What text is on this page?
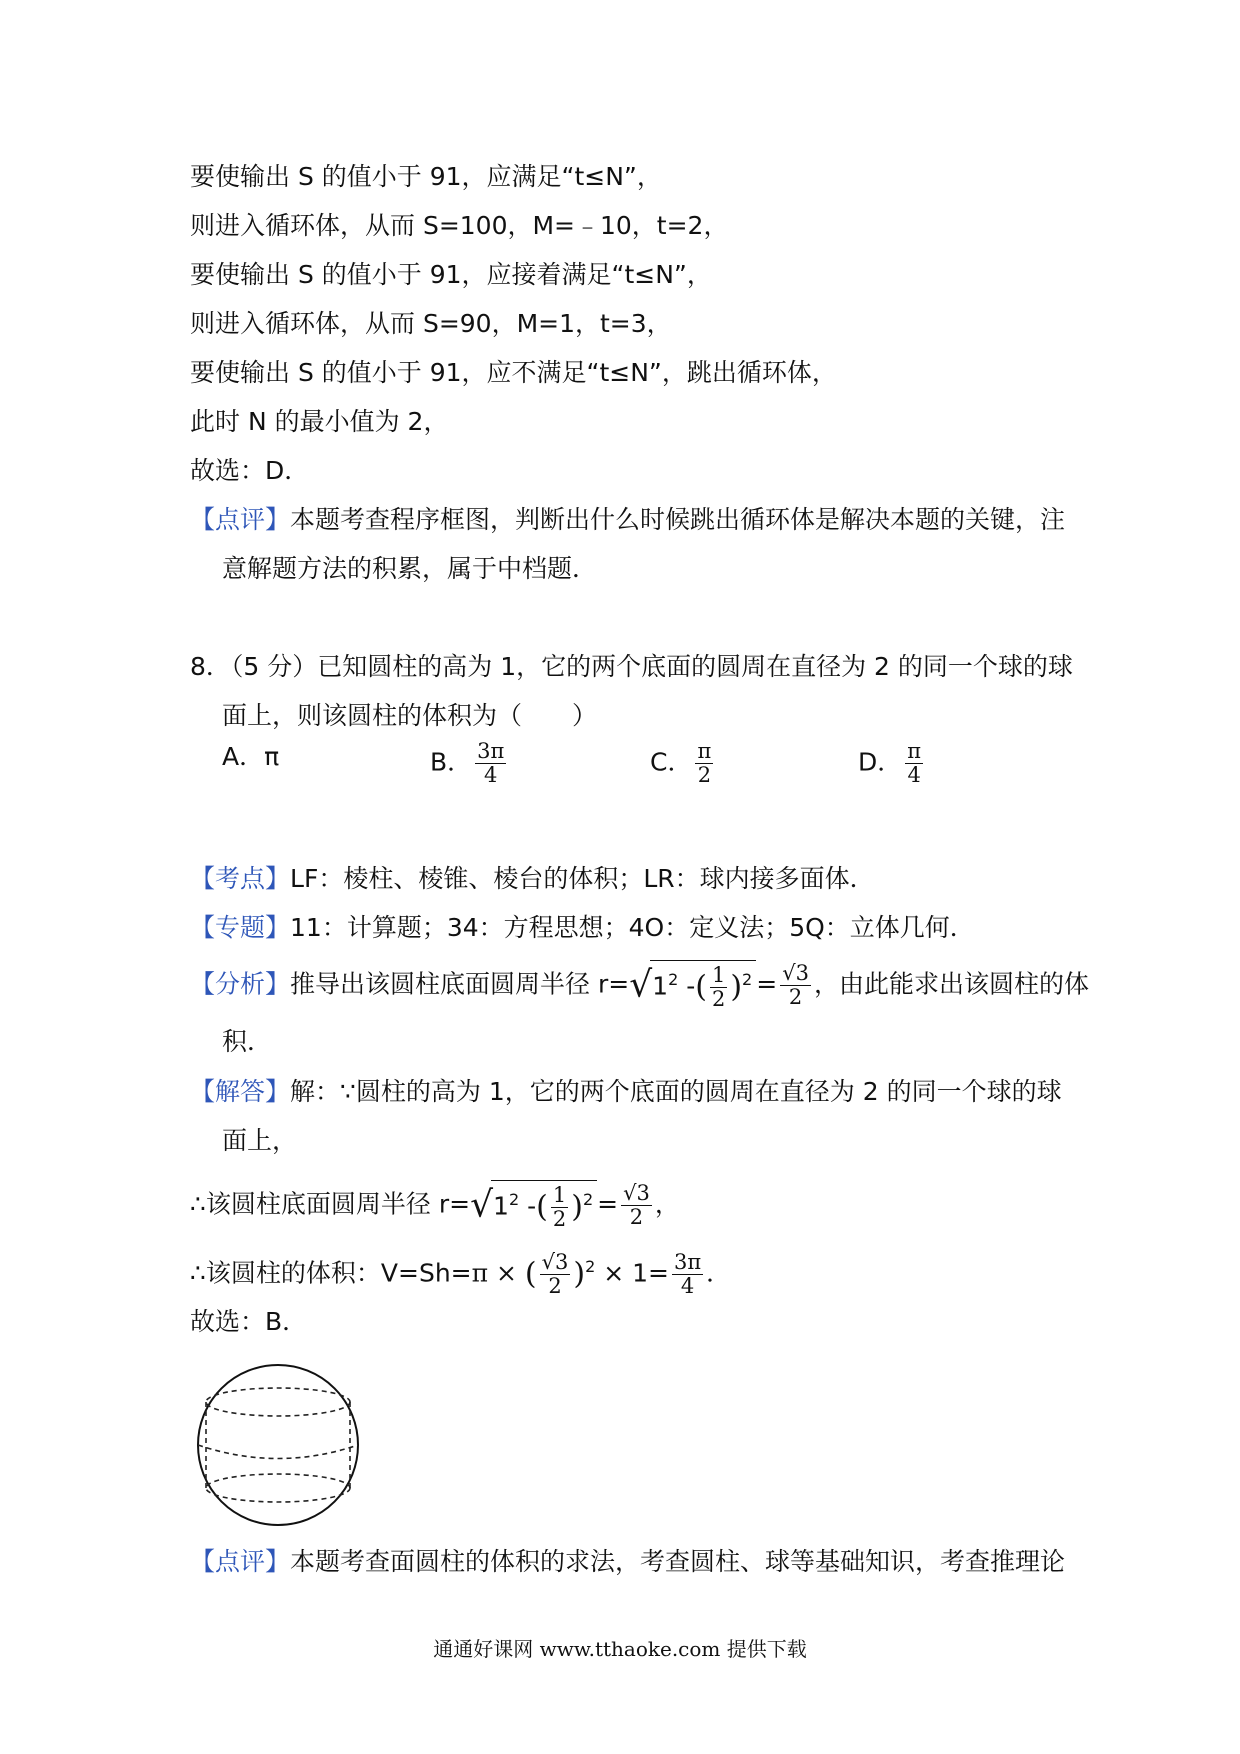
要使输出 S 的值小于 91，应满足“t≤N”，
则进入循环体，从而 S=100，M=﹣10，t=2，
要使输出 S 的值小于 91，应接着满足“t≤N”，
则进入循环体，从而 S=90，M=1，t=3，
要使输出 S 的值小于 91，应不满足“t≤N”，跳出循环体，
此时 N 的最小值为 2，
故选：D．
【点评】本题考查程序框图，判断出什么时候跳出循环体是解决本题的关键，注
意解题方法的积累，属于中档题．
8．（5 分）已知圆柱的高为 1，它的两个底面的圆周在直径为 2 的同一个球的球
面上，则该圆柱的体积为（　　）
A．π	B． $\frac{3\pi}{4}$	C． $\frac{\pi}{2}$	D． $\frac{\pi}{4}$
【考点】LF：棱柱、棱锥、棱台的体积；LR：球内接多面体．
【专题】11：计算题；34：方程思想；4O：定义法；5Q：立体几何．
【分析】推导出该圆柱底面圆周半径 $r=√1^2$ -( $\frac{1}{2} )^2 = \frac{√3}{2}$ ，由此能求出该圆柱的体
积．
【解答】解：∵圆柱的高为 1，它的两个底面的圆周在直径为 2 的同一个球的球
面上，
∴该圆柱底面圆周半径 $r=√1^2$ -( $\frac{1}{2} )^2 = \frac{√3}{2}$ ，
∴该圆柱的体积：V=Sh=π × ( $\frac{√3}{2} )^2 \times 1= \frac{3\pi}{4}$ ．
故选：B．
【点评】本题考查面圆柱的体积的求法，考查圆柱、球等基础知识，考查推理论
通通好课网 www.tthaoke.com 提供下载
